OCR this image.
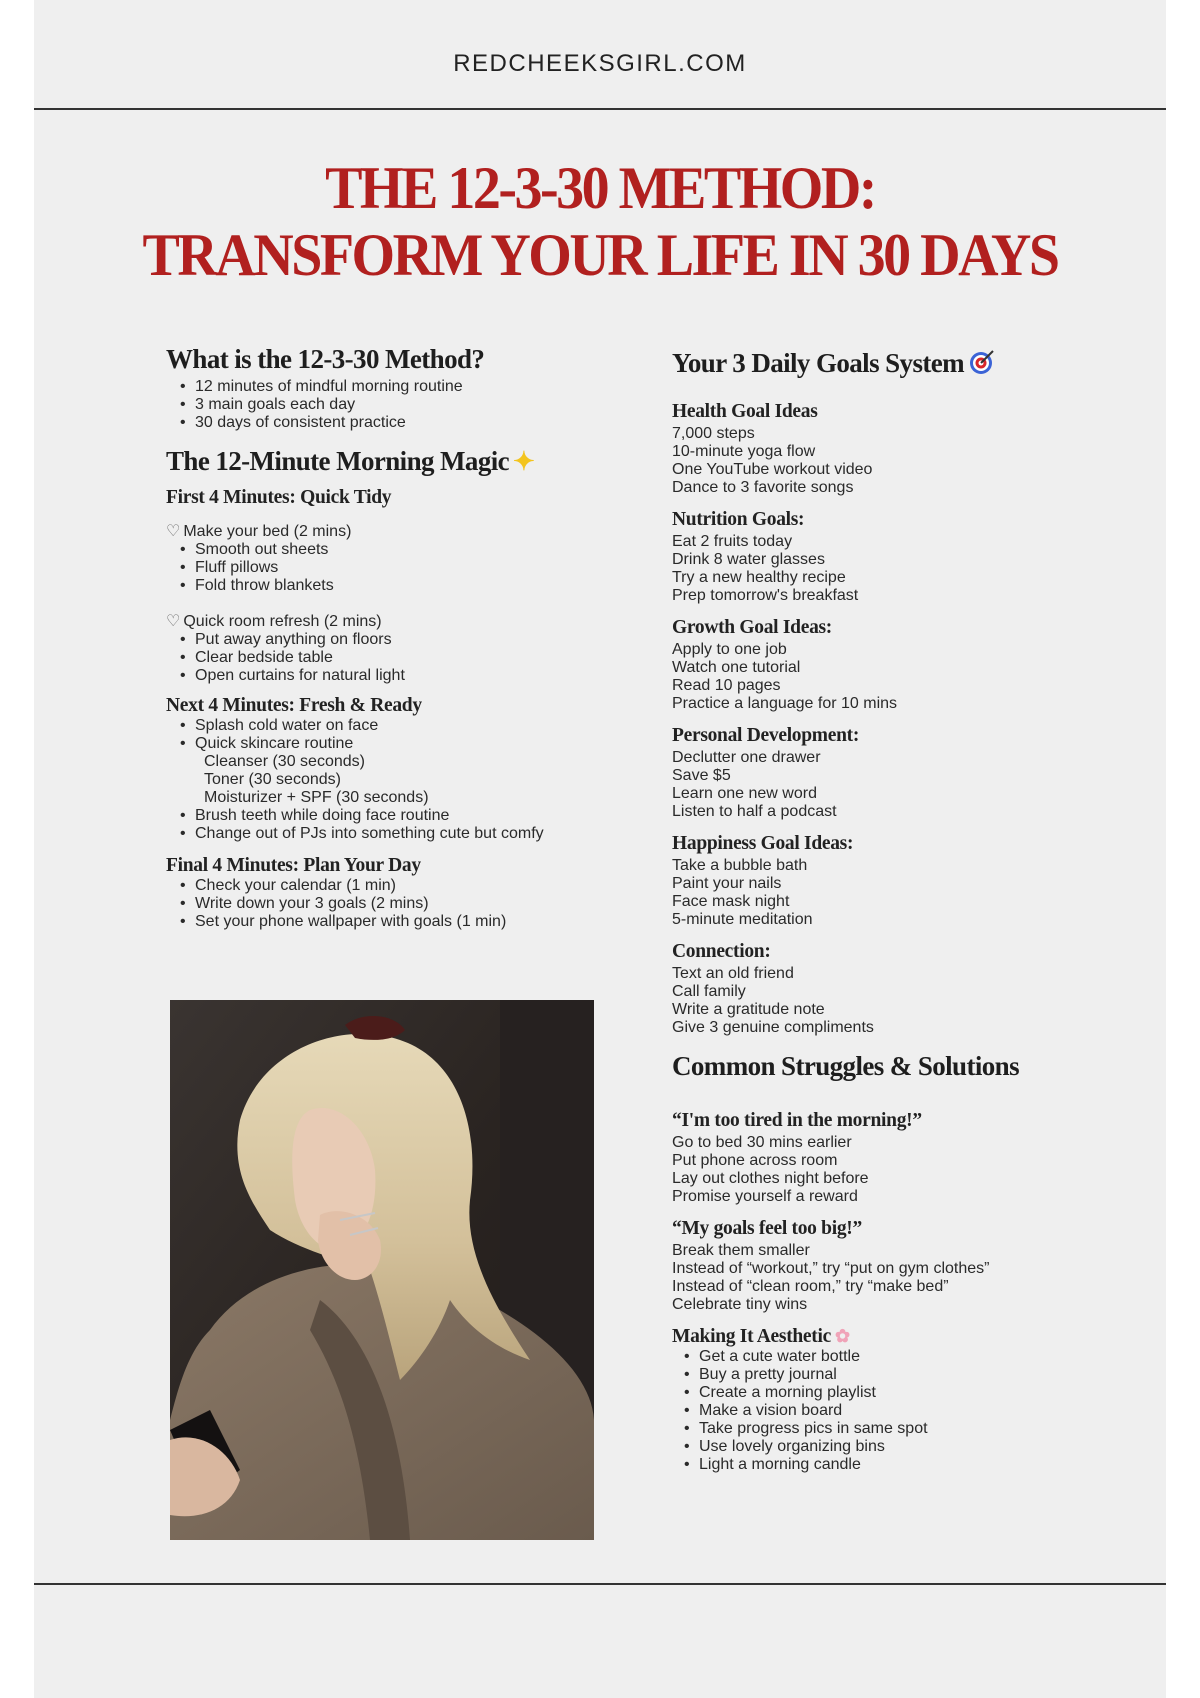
REDCHEEKSGIRL.COM
THE 12-3-30 METHOD:
TRANSFORM YOUR LIFE IN 30 DAYS
What is the 12-3-30 Method?
• 12 minutes of mindful morning routine
• 3 main goals each day
• 30 days of consistent practice
The 12-Minute Morning Magic ✦
First 4 Minutes: Quick Tidy
♡ Make your bed (2 mins)
• Smooth out sheets
• Fluff pillows
• Fold throw blankets
♡ Quick room refresh (2 mins)
• Put away anything on floors
• Clear bedside table
• Open curtains for natural light
Next 4 Minutes: Fresh & Ready
• Splash cold water on face
• Quick skincare routine
Cleanser (30 seconds)
Toner (30 seconds)
Moisturizer + SPF (30 seconds)
• Brush teeth while doing face routine
• Change out of PJs into something cute but comfy
Final 4 Minutes: Plan Your Day
• Check your calendar (1 min)
• Write down your 3 goals (2 mins)
• Set your phone wallpaper with goals (1 min)
Your 3 Daily Goals System
Health Goal Ideas
7,000 steps
10-minute yoga flow
One YouTube workout video
Dance to 3 favorite songs
Nutrition Goals:
Eat 2 fruits today
Drink 8 water glasses
Try a new healthy recipe
Prep tomorrow's breakfast
Growth Goal Ideas:
Apply to one job
Watch one tutorial
Read 10 pages
Practice a language for 10 mins
Personal Development:
Declutter one drawer
Save $5
Learn one new word
Listen to half a podcast
Happiness Goal Ideas:
Take a bubble bath
Paint your nails
Face mask night
5-minute meditation
Connection:
Text an old friend
Call family
Write a gratitude note
Give 3 genuine compliments
Common Struggles & Solutions
“I'm too tired in the morning!”
Go to bed 30 mins earlier
Put phone across room
Lay out clothes night before
Promise yourself a reward
“My goals feel too big!”
Break them smaller
Instead of “workout,” try “put on gym clothes”
Instead of “clean room,” try “make bed”
Celebrate tiny wins
Making It Aesthetic ✿
• Get a cute water bottle
• Buy a pretty journal
• Create a morning playlist
• Make a vision board
• Take progress pics in same spot
• Use lovely organizing bins
• Light a morning candle
